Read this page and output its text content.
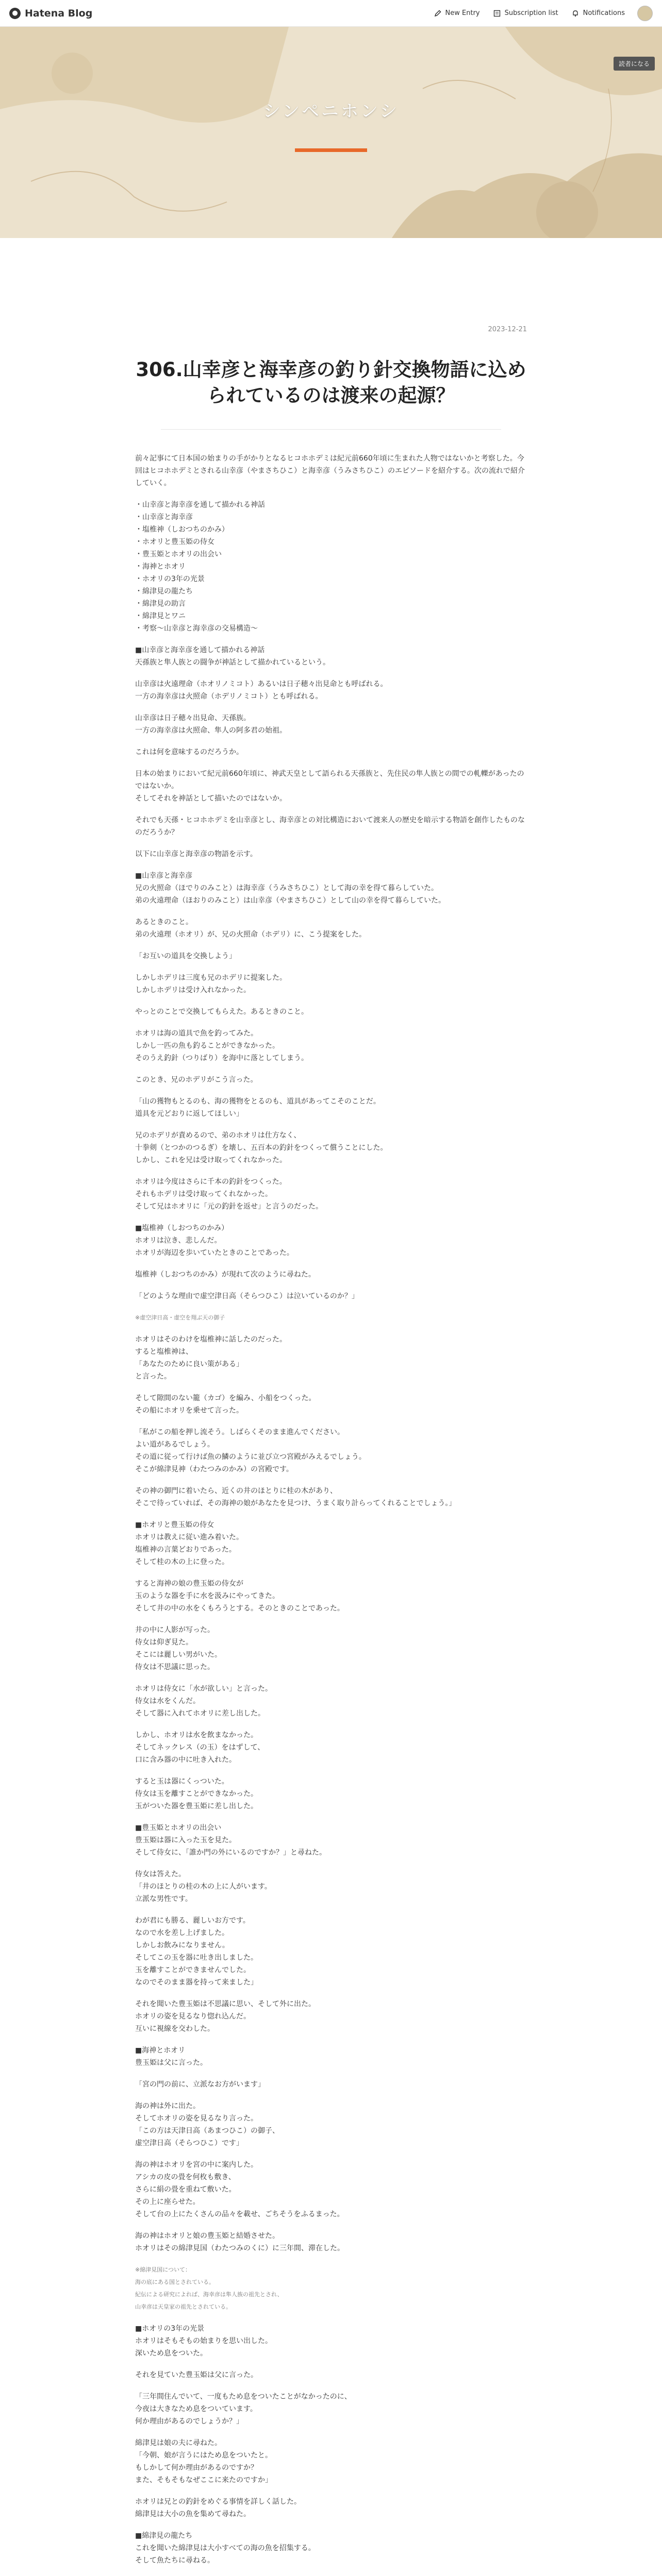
● Hatena Blog	New Entry	Subscription list	Notifications
読者になる
シンペニホンシ
2023-12-21
306.山幸彦と海幸彦の釣り針交換物語に込められているのは渡来の起源？

前々記事にて日本国の始まりの手がかりとなるヒコホホデミは紀元前660年頃に生まれた人物ではないかと考察した。今回はヒコホホデミとされる山幸彦（やまさちひこ）と海幸彦（うみさちひこ）のエピソードを紹介する。次の流れで紹介していく。

・山幸彦と海幸彦を通して描かれる神話
・山幸彦と海幸彦
・塩椎神（しおつちのかみ）
・ホオリと豊玉姫の侍女
・豊玉姫とホオリの出会い
・海神とホオリ
・ホオリの3年の光景
・綿津見の龍たち
・綿津見の助言
・綿津見とワニ
・考察〜山幸彦と海幸彦の交易構造〜

■山幸彦と海幸彦を通して描かれる神話
天孫族と隼人族との闘争が神話として描かれているという。

山幸彦は火遠理命（ホオリノミコト）あるいは日子穂々出見命とも呼ばれる。
一方の海幸彦は火照命（ホデリノミコト）とも呼ばれる。

山幸彦は日子穂々出見命、天孫族。
一方の海幸彦は火照命、隼人の阿多君の始祖。

これは何を意味するのだろうか。

日本の始まりにおいて紀元前660年頃に、神武天皇として語られる天孫族と、先住民の隼人族との間での軋轢があったのではないか。
そしてそれを神話として描いたのではないか。

それでも天孫・ヒコホホデミを山幸彦とし、海幸彦との対比構造において渡来人の歴史を暗示する物語を創作したものなのだろうか？

以下に山幸彦と海幸彦の物語を示す。

■山幸彦と海幸彦
兄の火照命（ほでりのみこと）は海幸彦（うみさちひこ）として海の幸を得て暮らしていた。
弟の火遠理命（ほおりのみこと）は山幸彦（やまさちひこ）として山の幸を得て暮らしていた。

あるときのこと。
弟の火遠理（ホオリ）が、兄の火照命（ホデリ）に、こう提案をした。

「お互いの道具を交換しよう」

しかしホデリは三度も兄のホデリに提案した。
しかしホデリは受け入れなかった。

やっとのことで交換してもらえた。あるときのこと。

ホオリは海の道具で魚を釣ってみた。
しかし一匹の魚も釣ることができなかった。
そのうえ釣針（つりばり）を海中に落としてしまう。

このとき、兄のホデリがこう言った。

「山の獲物もとるのも、海の獲物をとるのも、道具があってこそのことだ。
道具を元どおりに返してほしい」

兄のホデリが責めるので、弟のホオリは仕方なく、
十拳剣（とつかのつるぎ）を壊し、五百本の釣針をつくって償うことにした。
しかし、これを兄は受け取ってくれなかった。

ホオリは今度はさらに千本の釣針をつくった。
それもホデリは受け取ってくれなかった。
そして兄はホオリに「元の釣針を返せ」と言うのだった。

■塩椎神（しおつちのかみ）
ホオリは泣き、悲しんだ。
ホオリが海辺を歩いていたときのことであった。

塩椎神（しおつちのかみ）が現れて次のように尋ねた。

「どのような理由で虚空津日高（そらつひこ）は泣いているのか？」

※虚空津日高・虚空を翔ぶ天の御子

ホオリはそのわけを塩椎神に話したのだった。
すると塩椎神は、
「あなたのために良い策がある」
と言った。

そして隙間のない籠（カゴ）を編み、小船をつくった。
その船にホオリを乗せて言った。

「私がこの船を押し流そう。しばらくそのまま進んでください。
よい道があるでしょう。
その道に従って行けば魚の鱗のように並び立つ宮殿がみえるでしょう。
そこが綿津見神（わたつみのかみ）の宮殿です。

その神の御門に着いたら、近くの井のほとりに桂の木があり、
そこで待っていれば、その海神の娘があなたを見つけ、うまく取り計らってくれることでしょう。」

■ホオリと豊玉姫の侍女
ホオリは教えに従い進み着いた。
塩椎神の言葉どおりであった。
そして桂の木の上に登った。

すると海神の娘の豊玉姫の侍女が
玉のような器を手に水を汲みにやってきた。
そして井の中の水をくもろうとする。そのときのことであった。

井の中に人影が写った。
侍女は仰ぎ見た。
そこには麗しい男がいた。
侍女は不思議に思った。

ホオリは侍女に「水が欲しい」と言った。
侍女は水をくんだ。
そして器に入れてホオリに差し出した。

しかし、ホオリは水を飲まなかった。
そしてネックレス（の玉）をはずして、
口に含み器の中に吐き入れた。

すると玉は器にくっついた。
侍女は玉を離すことができなかった。
玉がついた器を豊玉姫に差し出した。

■豊玉姫とホオリの出会い
豊玉姫は器に入った玉を見た。
そして侍女に、「誰か門の外にいるのですか？」と尋ねた。

侍女は答えた。
「井のほとりの桂の木の上に人がいます。
立派な男性です。

わが君にも勝る、麗しいお方です。
なので水を差し上げました。
しかしお飲みになりません。
そしてこの玉を器に吐き出しました。
玉を離すことができませんでした。
なのでそのまま器を持って来ました」

それを聞いた豊玉姫は不思議に思い、そして外に出た。
ホオリの姿を見るなり惚れ込んだ。
互いに視線を交わした。

■海神とホオリ
豊玉姫は父に言った。

「宮の門の前に、立派なお方がいます」

海の神は外に出た。
そしてホオリの姿を見るなり言った。
「この方は天津日高（あまつひこ）の御子、
虚空津日高（そらつひこ）です」

海の神はホオリを宮の中に案内した。
アシカの皮の畳を何枚も敷き、
さらに絹の畳を重ねて敷いた。
その上に座らせた。
そして台の上にたくさんの品々を載せ、ごちそうをふるまった。

海の神はホオリと娘の豊玉姫と結婚させた。
ホオリはその綿津見国（わたつみのくに）に三年間、滞在した。

※綿津見国について：
海の底にある国とされている。
紀伝による研究によれば、海幸彦は隼人族の祖先とされ、
山幸彦は天皇家の祖先とされている。

■ホオリの3年の光景
ホオリはそもそもの始まりを思い出した。
深いため息をついた。

それを見ていた豊玉姫は父に言った。

「三年間住んでいて、一度もため息をついたことがなかったのに、
今夜は大きなため息をついています。
何か理由があるのでしょうか？」

綿津見は娘の夫に尋ねた。
「今朝、娘が言うにはため息をついたと。
もしかして何か理由があるのですか？
また、そもそもなぜここに来たのですか」

ホオリは兄との釣針をめぐる事情を詳しく話した。
綿津見は大小の魚を集めて尋ねた。

■綿津見の龍たち
これを聞いた綿津見は大小すべての海の魚を招集する。
そして魚たちに尋ねる。
